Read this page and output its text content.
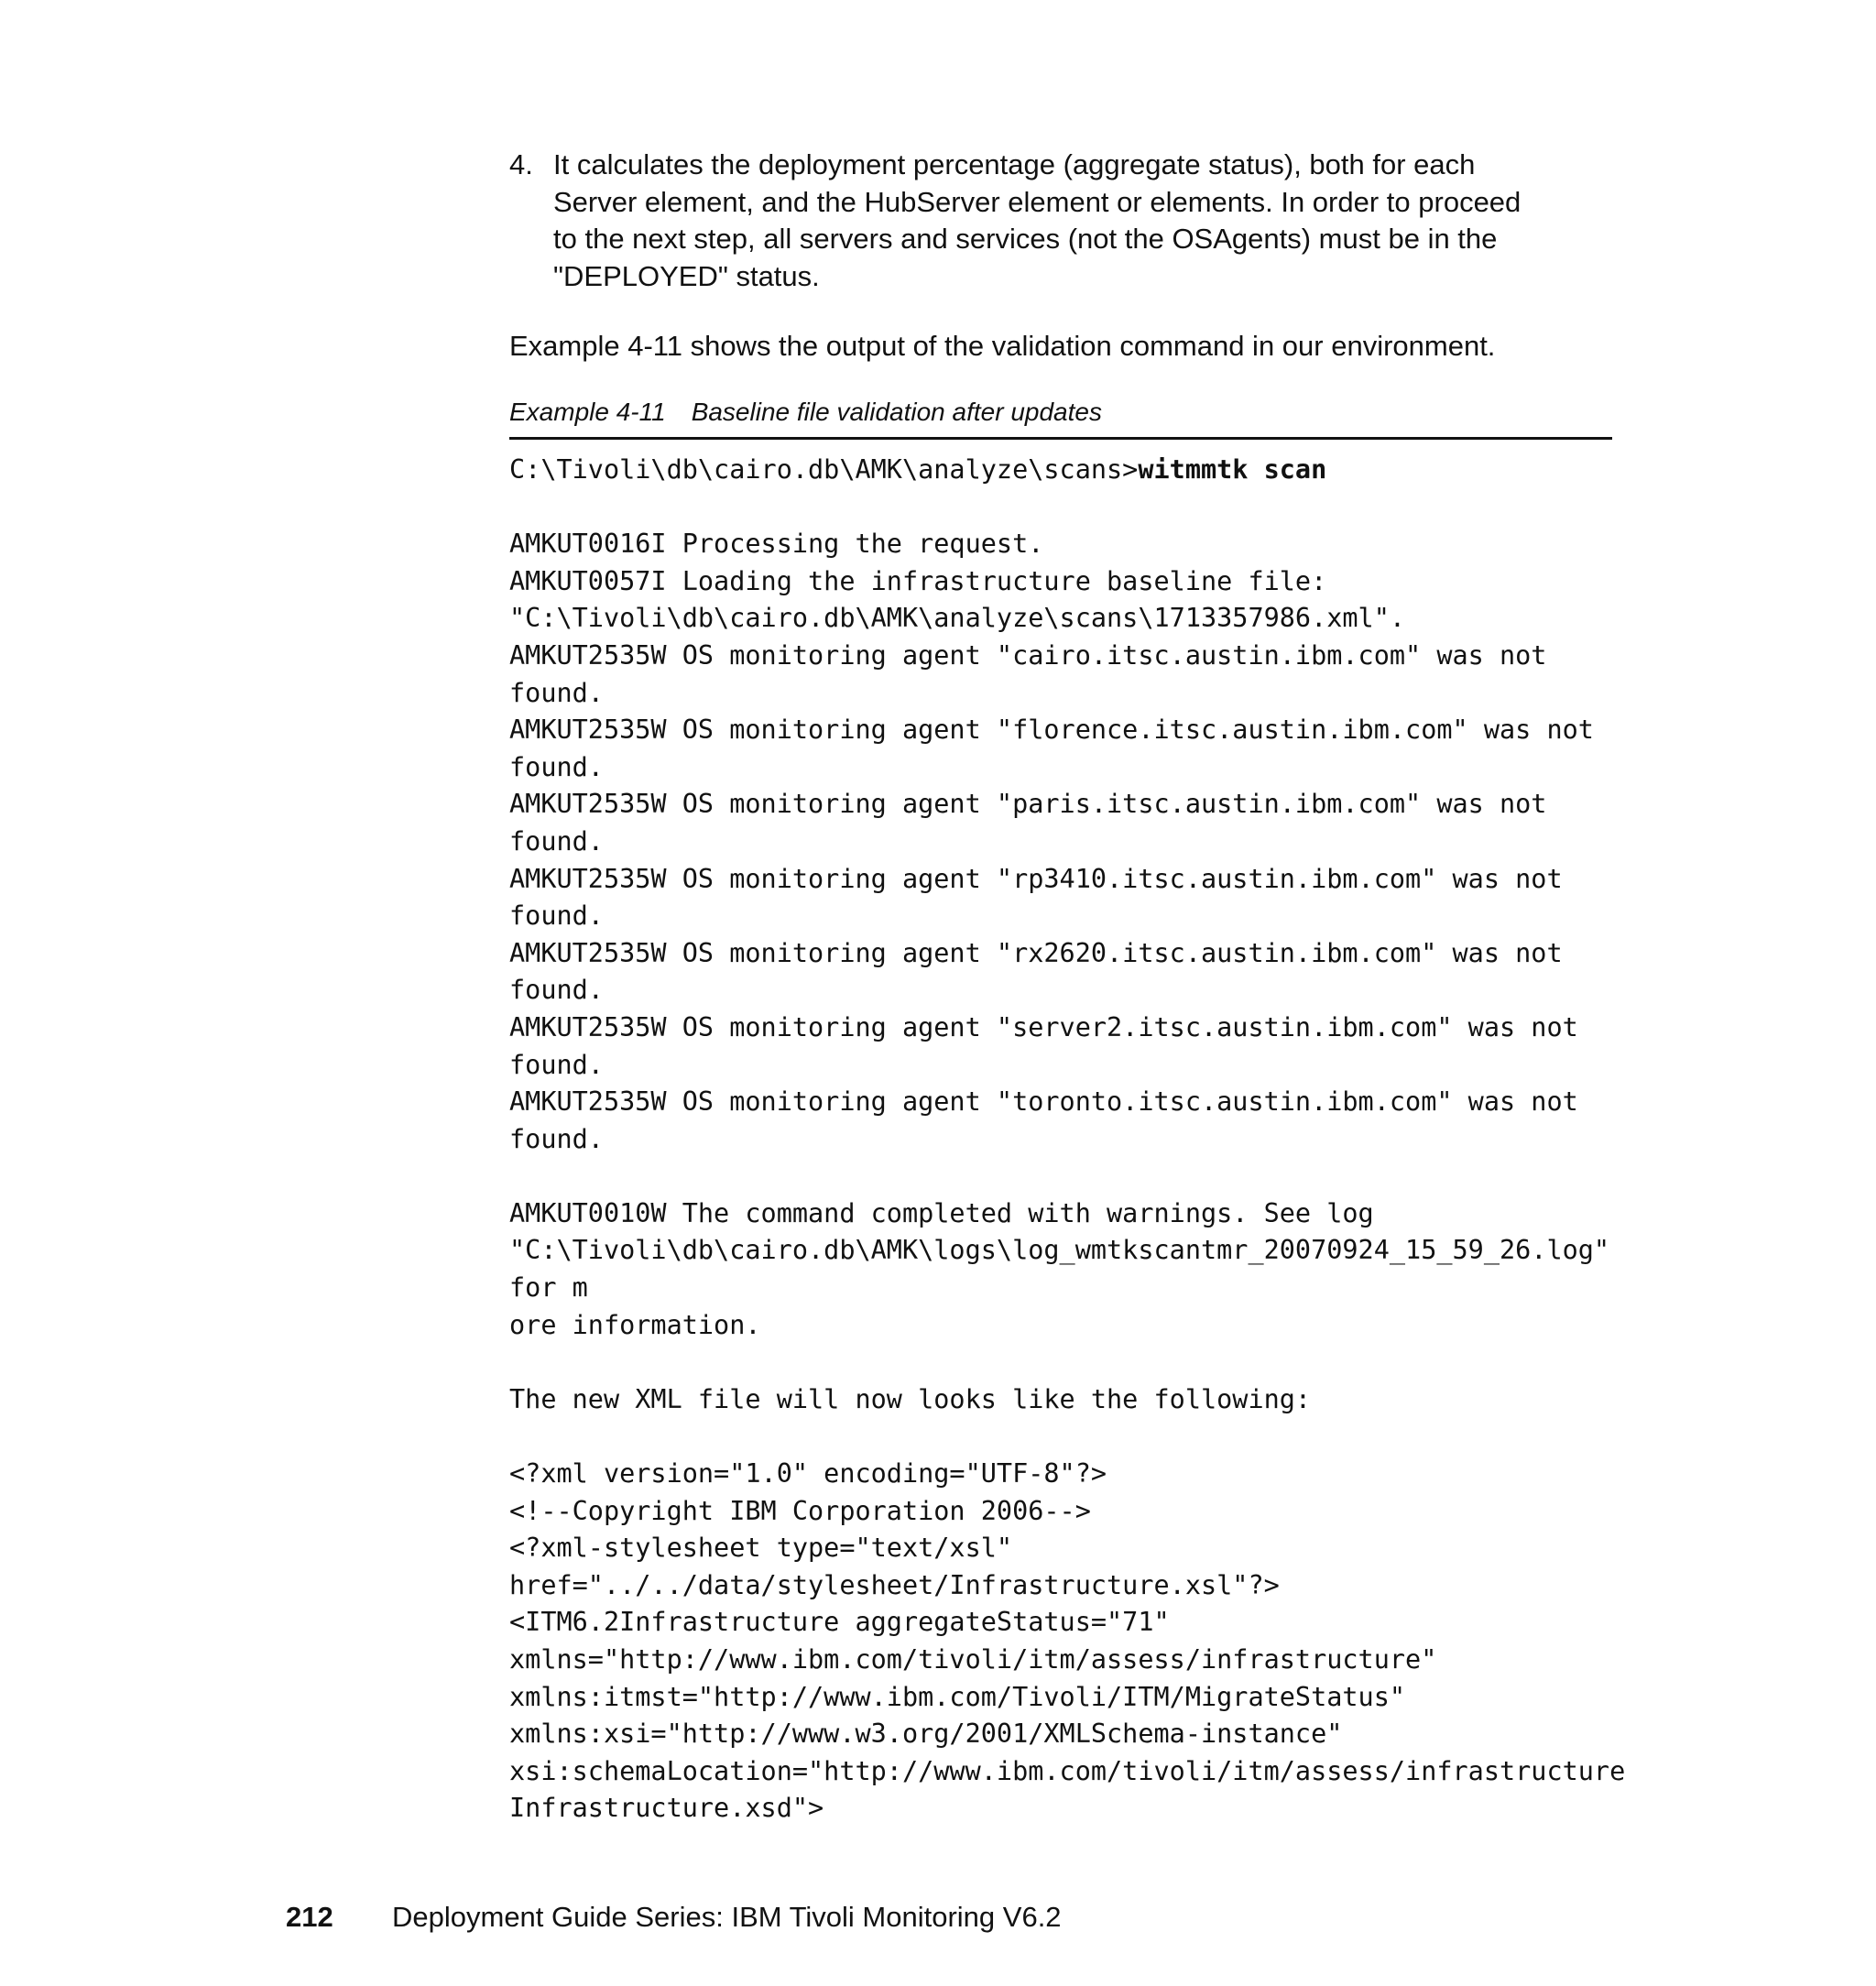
4. It calculates the deployment percentage (aggregate status), both for each
Server element, and the HubServer element or elements. In order to proceed
to the next step, all servers and services (not the OSAgents) must be in the
"DEPLOYED" status.
Example 4-11 shows the output of the validation command in our environment.
Example 4-11 Baseline file validation after updates
C:\Tivoli\db\cairo.db\AMK\analyze\scans>witmmtk scan
AMKUT0016I Processing the request.
AMKUT0057I Loading the infrastructure baseline file:
"C:\Tivoli\db\cairo.db\AMK\analyze\scans\1713357986.xml".
AMKUT2535W OS monitoring agent "cairo.itsc.austin.ibm.com" was not
found.
AMKUT2535W OS monitoring agent "florence.itsc.austin.ibm.com" was not
found.
AMKUT2535W OS monitoring agent "paris.itsc.austin.ibm.com" was not
found.
AMKUT2535W OS monitoring agent "rp3410.itsc.austin.ibm.com" was not
found.
AMKUT2535W OS monitoring agent "rx2620.itsc.austin.ibm.com" was not
found.
AMKUT2535W OS monitoring agent "server2.itsc.austin.ibm.com" was not
found.
AMKUT2535W OS monitoring agent "toronto.itsc.austin.ibm.com" was not
found.
AMKUT0010W The command completed with warnings. See log
"C:\Tivoli\db\cairo.db\AMK\logs\log_wmtkscantmr_20070924_15_59_26.log"
for m
ore information.
The new XML file will now looks like the following:
<?xml version="1.0" encoding="UTF-8"?>
<!--Copyright IBM Corporation 2006-->
<?xml-stylesheet type="text/xsl"
href="../../data/stylesheet/Infrastructure.xsl"?>
<ITM6.2Infrastructure aggregateStatus="71"
xmlns="http://www.ibm.com/tivoli/itm/assess/infrastructure"
xmlns:itmst="http://www.ibm.com/Tivoli/ITM/MigrateStatus"
xmlns:xsi="http://www.w3.org/2001/XMLSchema-instance"
xsi:schemaLocation="http://www.ibm.com/tivoli/itm/assess/infrastructure
Infrastructure.xsd">
212 Deployment Guide Series: IBM Tivoli Monitoring V6.2
